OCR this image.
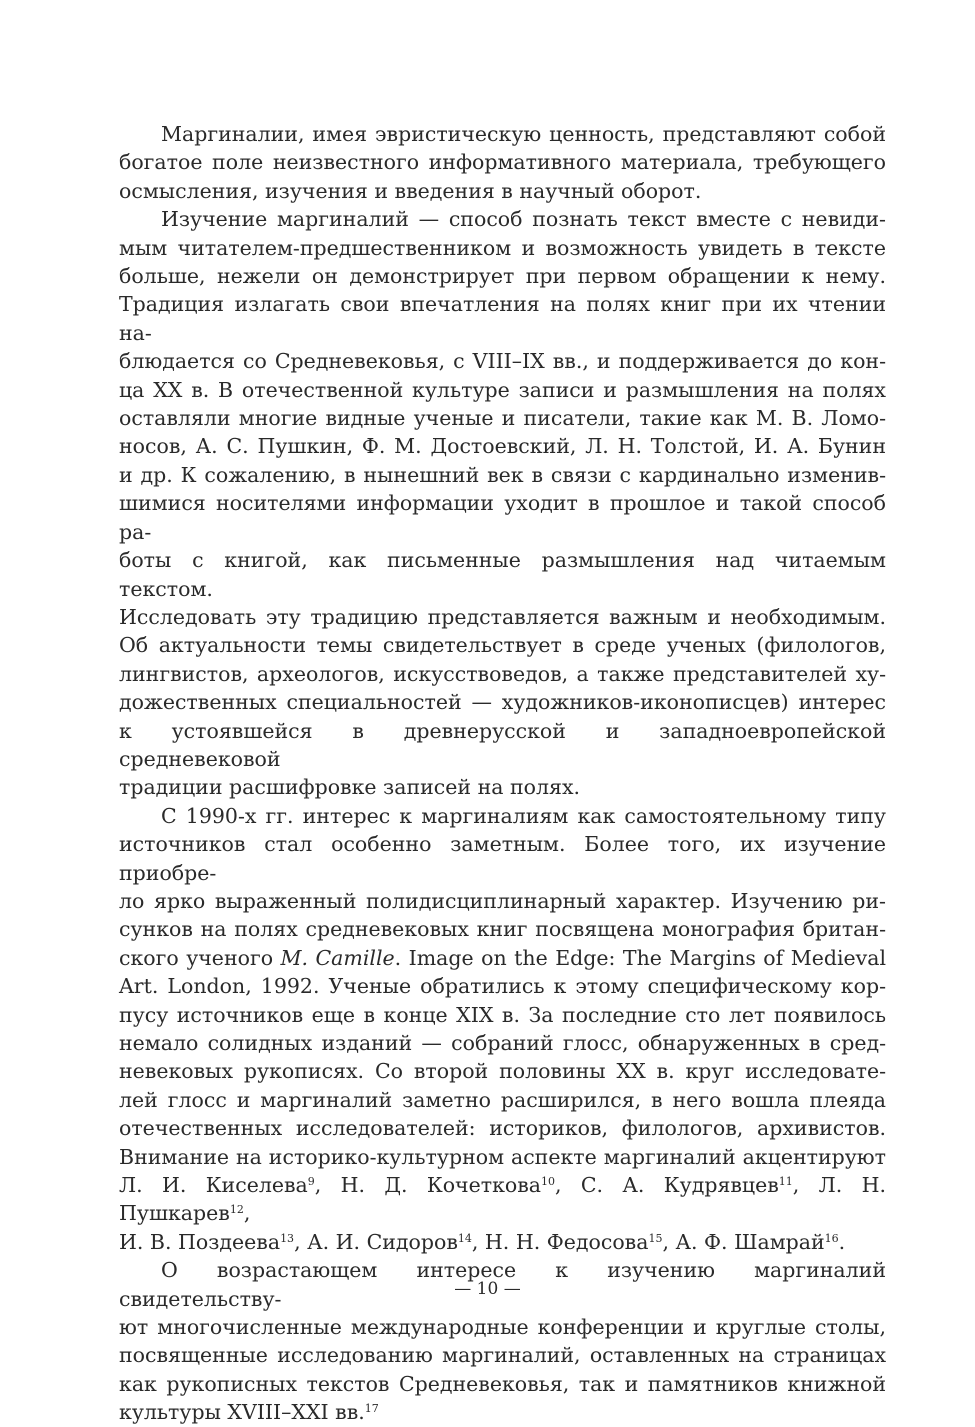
Маргиналии, имея эвристическую ценность, представляют собой
богатое поле неизвестного информативного материала, требующего
осмысления, изучения и введения в научный оборот.

Изучение маргиналий — способ познать текст вместе с невиди-
мым читателем-предшественником и возможность увидеть в тексте
больше, нежели он демонстрирует при первом обращении к нему.
Традиция излагать свои впечатления на полях книг при их чтении на-
блюдается со Средневековья, с VIII–IX вв., и поддерживается до кон-
ца XX в. В отечественной культуре записи и размышления на полях
оставляли многие видные ученые и писатели, такие как М. В. Ломо-
носов, А. С. Пушкин, Ф. М. Достоевский, Л. Н. Толстой, И. А. Бунин
и др. К сожалению, в нынешний век в связи с кардинально изменив-
шимися носителями информации уходит в прошлое и такой способ ра-
боты с книгой, как письменные размышления над читаемым текстом.
Исследовать эту традицию представляется важным и необходимым.
Об актуальности темы свидетельствует в среде ученых (филологов,
лингвистов, археологов, искусствоведов, а также представителей ху-
дожественных специальностей — художников-иконописцев) интерес
к устоявшейся в древнерусской и западноевропейской средневековой
традиции расшифровке записей на полях.

С 1990-х гг. интерес к маргиналиям как самостоятельному типу
источников стал особенно заметным. Более того, их изучение приобре-
ло ярко выраженный полидисциплинарный характер. Изучению ри-
сунков на полях средневековых книг посвящена монография британ-
ского ученого M. Camille. Image on the Edge: The Margins of Medieval
Art. London, 1992. Ученые обратились к этому специфическому кор-
пусу источников еще в конце XIX в. За последние сто лет появилось
немало солидных изданий — собраний глосс, обнаруженных в сред-
невековых рукописях. Со второй половины XX в. круг исследовате-
лей глосс и маргиналий заметно расширился, в него вошла плеяда
отечественных исследователей: историков, филологов, архивистов.
Внимание на историко-культурном аспекте маргиналий акцентируют
Л. И. Киселева$^9$, Н. Д. Кочеткова$^{10}$, С. А. Кудрявцев$^{11}$, Л. Н. Пушкарев$^{12}$,
И. В. Поздеева$^{13}$, А. И. Сидоров$^{14}$, Н. Н. Федосова$^{15}$, А. Ф. Шамрай$^{16}$.

О возрастающем интересе к изучению маргиналий свидетельству-
ют многочисленные международные конференции и круглые столы,
посвященные исследованию маргиналий, оставленных на страницах
как рукописных текстов Средневековья, так и памятников книжной
культуры XVIII–XXI вв.$^{17}$

— 10 —
